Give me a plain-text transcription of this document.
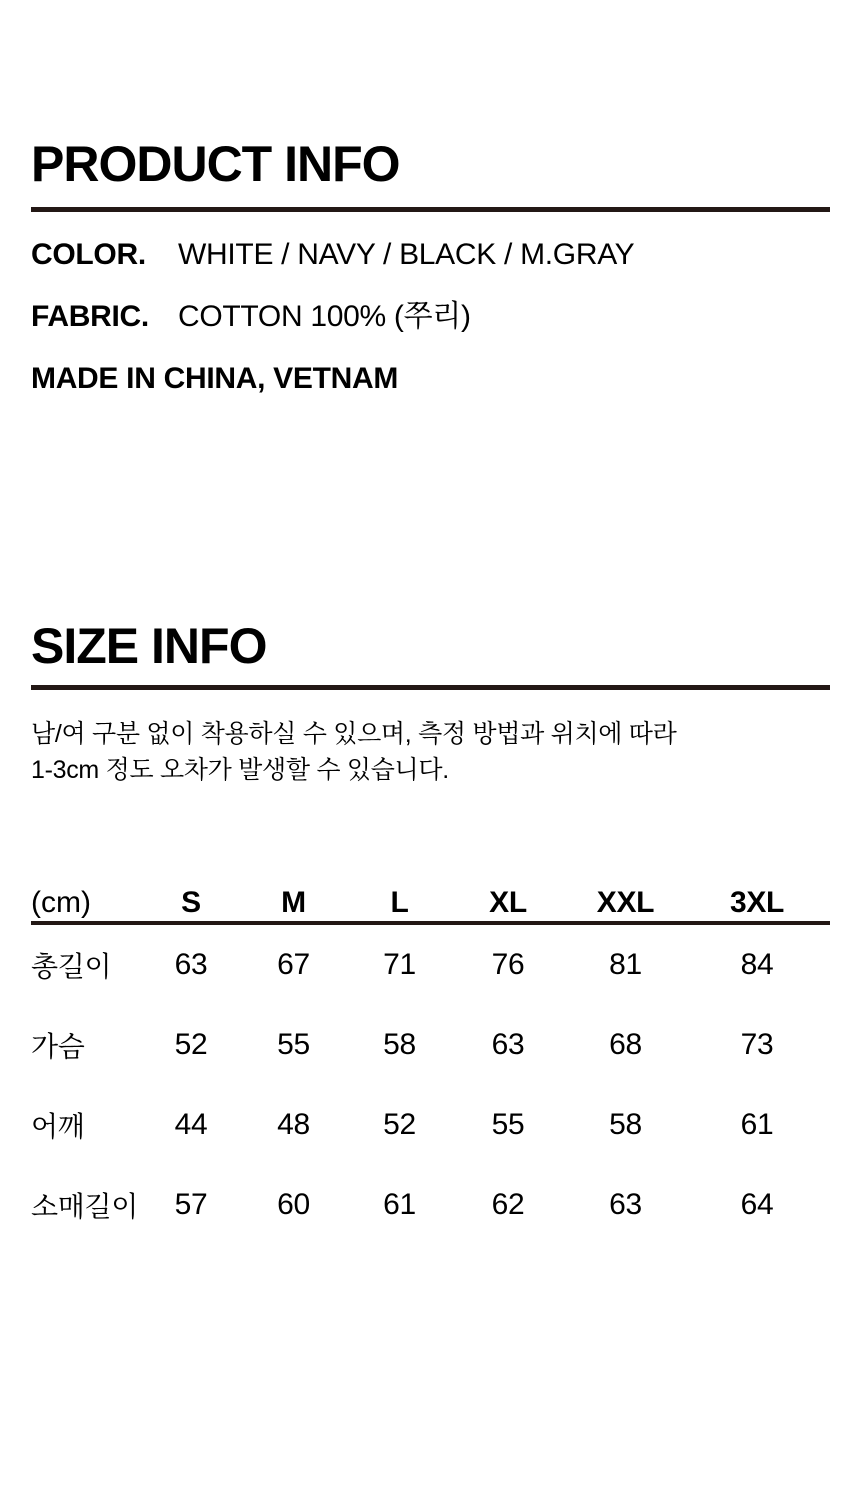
PRODUCT INFO
COLOR. WHITE / NAVY / BLACK / M.GRAY
FABRIC. COTTON 100% (쭈리)
MADE IN CHINA, VETNAM
SIZE INFO

남/여 구분 없이 착용하실 수 있으며, 측정 방법과 위치에 따라
1-3cm 정도 오차가 발생할 수 있습니다.

(cm)	S	M	L	XL	XXL	3XL
총길이	63	67	71	76	81	84
가슴	52	55	58	63	68	73
어깨	44	48	52	55	58	61
소매길이	57	60	61	62	63	64
